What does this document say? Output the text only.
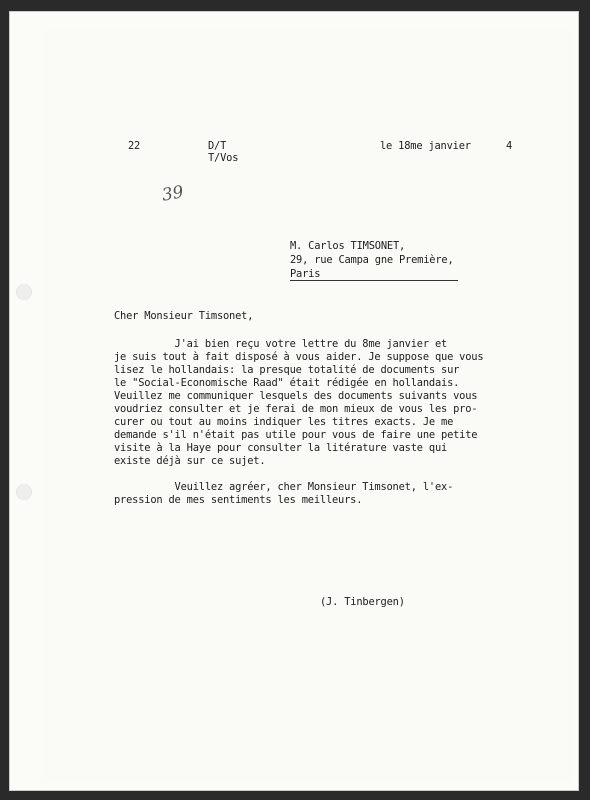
22	D/T
T/Vos
le 18me janvier	4
39
M. Carlos TIMSONET,
29, rue Campa gne Première,
Paris
Cher Monsieur Timsonet,
J'ai bien reçu votre lettre du 8me janvier et
je suis tout à fait disposé à vous aider. Je suppose que vous
lisez le hollandais: la presque totalité de documents sur
le "Social-Economische Raad" était rédigée en hollandais.
Veuillez me communiquer lesquels des documents suivants vous
voudriez consulter et je ferai de mon mieux de vous les pro-
curer ou tout au moins indiquer les titres exacts. Je me
demande s'il n'était pas utile pour vous de faire une petite
visite à la Haye pour consulter la litérature vaste qui
existe déjà sur ce sujet.
Veuillez agréer, cher Monsieur Timsonet, l'ex-
pression de mes sentiments les meilleurs.
(J. Tinbergen)
